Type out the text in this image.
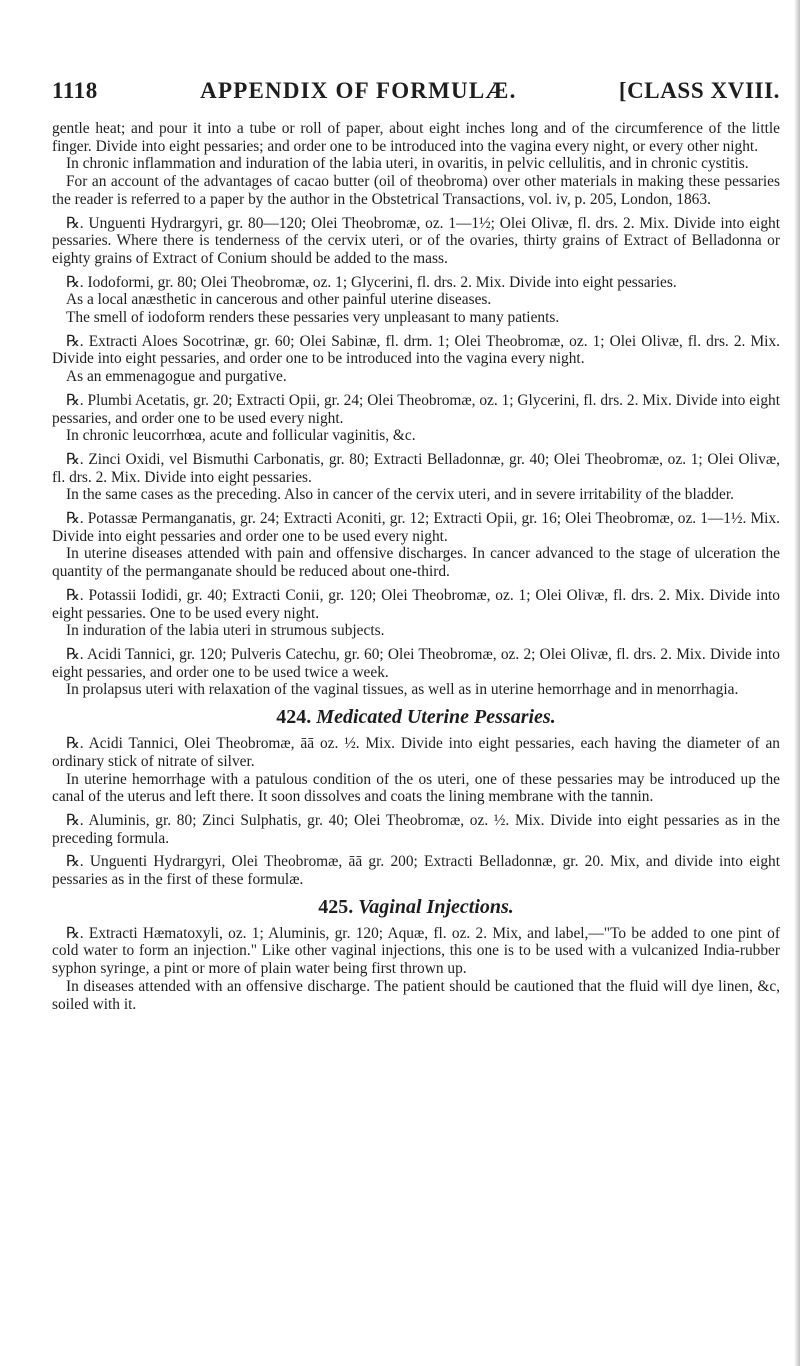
1118	APPENDIX OF FORMULÆ.	[CLASS XVIII.

gentle heat; and pour it into a tube or roll of paper, about eight inches long and of the circumference of the little finger. Divide into eight pessaries; and order one to be introduced into the vagina every night, or every other night.

In chronic inflammation and induration of the labia uteri, in ovaritis, in pelvic cellulitis, and in chronic cystitis.

For an account of the advantages of cacao butter (oil of theobroma) over other materials in making these pessaries the reader is referred to a paper by the author in the Obstetrical Transactions, vol. iv, p. 205, London, 1863.

℞. Unguenti Hydrargyri, gr. 80—120; Olei Theobromæ, oz. 1—1½; Olei Olivæ, fl. drs. 2. Mix. Divide into eight pessaries. Where there is tenderness of the cervix uteri, or of the ovaries, thirty grains of Extract of Belladonna or eighty grains of Extract of Conium should be added to the mass.

℞. Iodoformi, gr. 80; Olei Theobromæ, oz. 1; Glycerini, fl. drs. 2. Mix. Divide into eight pessaries.

As a local anæsthetic in cancerous and other painful uterine diseases.

The smell of iodoform renders these pessaries very unpleasant to many patients.

℞. Extracti Aloes Socotrinæ, gr. 60; Olei Sabinæ, fl. drm. 1; Olei Theobromæ, oz. 1; Olei Olivæ, fl. drs. 2. Mix. Divide into eight pessaries, and order one to be introduced into the vagina every night.

As an emmenagogue and purgative.

℞. Plumbi Acetatis, gr. 20; Extracti Opii, gr. 24; Olei Theobromæ, oz. 1; Glycerini, fl. drs. 2. Mix. Divide into eight pessaries, and order one to be used every night.

In chronic leucorrhœa, acute and follicular vaginitis, &c.

℞. Zinci Oxidi, vel Bismuthi Carbonatis, gr. 80; Extracti Belladonnæ, gr. 40; Olei Theobromæ, oz. 1; Olei Olivæ, fl. drs. 2. Mix. Divide into eight pessaries.

In the same cases as the preceding. Also in cancer of the cervix uteri, and in severe irritability of the bladder.

℞. Potassæ Permanganatis, gr. 24; Extracti Aconiti, gr. 12; Extracti Opii, gr. 16; Olei Theobromæ, oz. 1—1½. Mix. Divide into eight pessaries and order one to be used every night.

In uterine diseases attended with pain and offensive discharges. In cancer advanced to the stage of ulceration the quantity of the permanganate should be reduced about one-third.

℞. Potassii Iodidi, gr. 40; Extracti Conii, gr. 120; Olei Theobromæ, oz. 1; Olei Olivæ, fl. drs. 2. Mix. Divide into eight pessaries. One to be used every night.

In induration of the labia uteri in strumous subjects.

℞. Acidi Tannici, gr. 120; Pulveris Catechu, gr. 60; Olei Theobromæ, oz. 2; Olei Olivæ, fl. drs. 2. Mix. Divide into eight pessaries, and order one to be used twice a week.

In prolapsus uteri with relaxation of the vaginal tissues, as well as in uterine hemorrhage and in menorrhagia.

424. Medicated Uterine Pessaries.

℞. Acidi Tannici, Olei Theobromæ, āā oz. ½. Mix. Divide into eight pessaries, each having the diameter of an ordinary stick of nitrate of silver.

In uterine hemorrhage with a patulous condition of the os uteri, one of these pessaries may be introduced up the canal of the uterus and left there. It soon dissolves and coats the lining membrane with the tannin.

℞. Aluminis, gr. 80; Zinci Sulphatis, gr. 40; Olei Theobromæ, oz. ½. Mix. Divide into eight pessaries as in the preceding formula.

℞. Unguenti Hydrargyri, Olei Theobromæ, āā gr. 200; Extracti Belladonnæ, gr. 20. Mix, and divide into eight pessaries as in the first of these formulæ.

425. Vaginal Injections.

℞. Extracti Hæmatoxyli, oz. 1; Aluminis, gr. 120; Aquæ, fl. oz. 2. Mix, and label,—"To be added to one pint of cold water to form an injection." Like other vaginal injections, this one is to be used with a vulcanized India-rubber syphon syringe, a pint or more of plain water being first thrown up.

In diseases attended with an offensive discharge. The patient should be cautioned that the fluid will dye linen, &c, soiled with it.
